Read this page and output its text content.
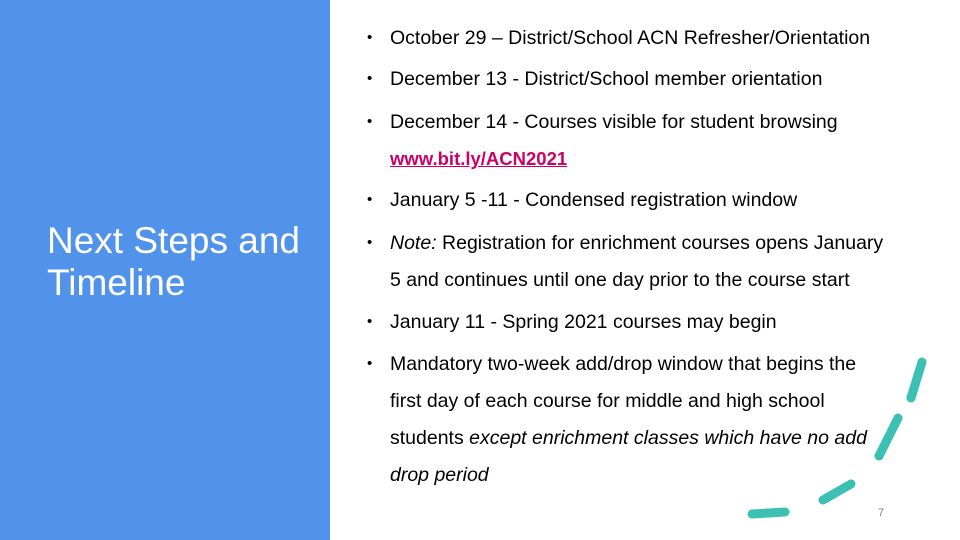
Next Steps and Timeline
• October 29 – District/School ACN Refresher/Orientation
• December 13 - District/School member orientation
• December 14 - Courses visible for student browsing
www.bit.ly/ACN2021
• January 5 -11 - Condensed registration window
• Note: Registration for enrichment courses opens January
5 and continues until one day prior to the course start
• January 11 - Spring 2021 courses may begin
• Mandatory two-week add/drop window that begins the
first day of each course for middle and high school
students except enrichment classes which have no add
drop period
7
